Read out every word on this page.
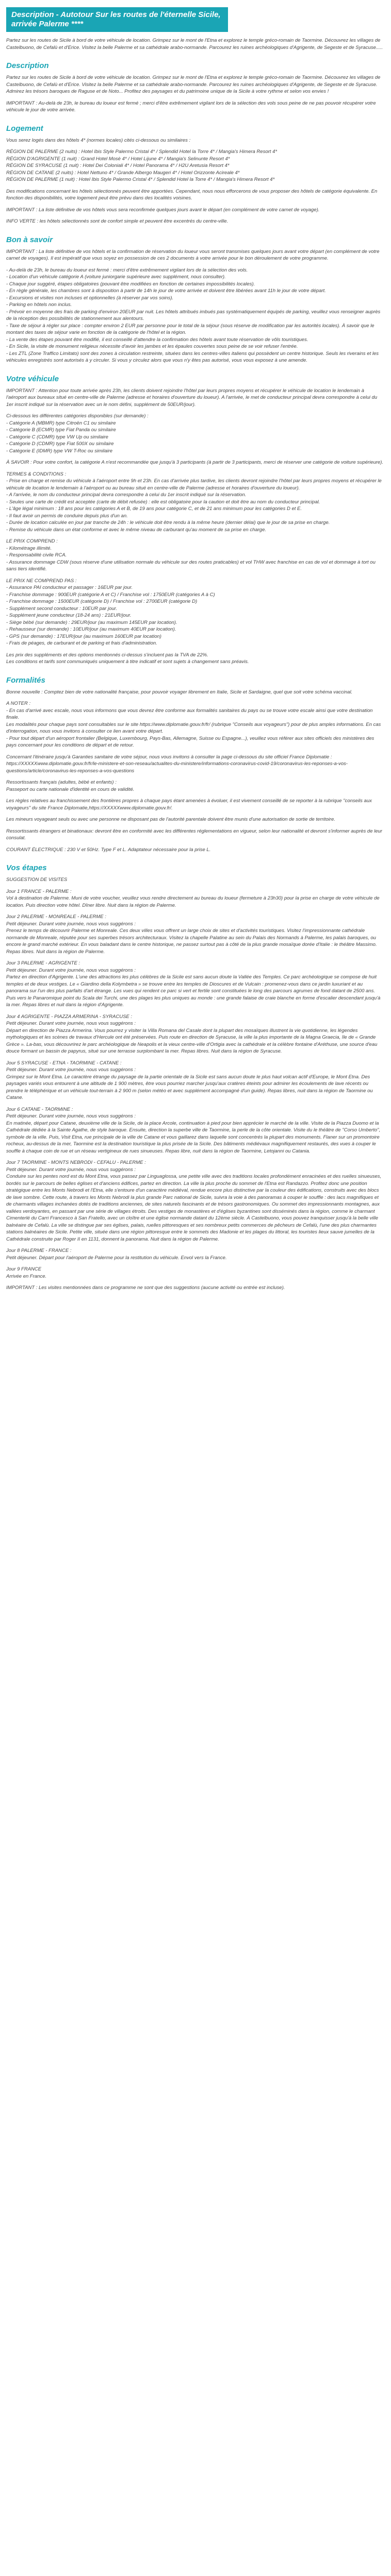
Description - Autotour Sur les routes de l'éternelle Sicile, arrivée Palerme ****

Partez sur les routes de Sicile à bord de votre véhicule de location. Grimpez sur le mont de l'Etna et explorez le temple gréco-romain de Taormine. Découvrez les villages de Castelbuono, de Cefalù et d'Erice. Visitez la belle Palerme et sa cathédrale arabo-normande. Parcourez les ruines archéologiques d'Agrigente, de Segeste et de Syracuse.....

Description

Partez sur les routes de Sicile à bord de votre véhicule de location. Grimpez sur le mont de l'Etna et explorez le temple gréco-romain de Taormine. Découvrez les villages de Castelbuono, de Cefalù et d'Erice. Visitez la belle Palerme et sa cathédrale arabo-normande. Parcourez les ruines archéologiques d'Agrigente, de Segeste et de Syracuse. Admirez les trésors baroques de Raguse et de Noto... Profitez des paysages et du patrimoine unique de la Sicile à votre rythme et selon vos envies !

IMPORTANT : Au-delà de 23h, le bureau du loueur est fermé ; merci d'être extrêmement vigilant lors de la sélection des vols sous peine de ne pas pouvoir récupérer votre véhicule le jour de votre arrivée.

Logement

Vous serez logés dans des hôtels 4* (normes locales) cités ci-dessous ou similaires :

RÉGION DE PALERME (2 nuits) : Hotel Ibis Style Palermo Cristal 4* / Splendid Hotel la Torre 4* / Mangia's Himera Resort 4*
RÉGION D'AGRIGENTE (1 nuit) : Grand Hotel Mosè 4* / Hotel Lijune 4* / Mangia's Selinunte Resort 4*
RÉGION DE SYRACUSE (1 nuit) : Hotel Dei Coloniali 4* / Hotel Panorama 4* / H2U Aretusia Resort 4*
RÉGION DE CATANE (2 nuits) : Hotel Nettuno 4* / Grande Albergo Maugeri 4* / Hotel Orizzonte Acireale 4*
RÉGION DE PALERME (1 nuit) : Hotel Ibis Style Palermo Cristal 4* / Splendid Hotel la Torre 4* / Mangia's Himera Resort 4*

Des modifications concernant les hôtels sélectionnés peuvent être apportées. Cependant, nous nous efforcerons de vous proposer des hôtels de catégorie équivalente. En fonction des disponibilités, votre logement peut être prévu dans des localités voisines.

IMPORTANT : La liste définitive de vos hôtels vous sera reconfirmée quelques jours avant le départ (en complément de votre carnet de voyage).

INFO VERTE : les hôtels sélectionnés sont de confort simple et peuvent être excentrés du centre-ville.

Bon à savoir

IMPORTANT : La liste définitive de vos hôtels et la confirmation de réservation du loueur vous seront transmises quelques jours avant votre départ (en complément de votre carnet de voyages). Il est impératif que vous soyez en possession de ces 2 documents à votre arrivée pour le bon déroulement de votre programme.

- Au-delà de 23h, le bureau du loueur est fermé : merci d'être extrêmement vigilant lors de la sélection des vols.
- Location d'un véhicule catégorie A (voiture juniorgarie supérieure avec supplément, nous consulter).
- Chaque jour suggéré, étapes obligatoires (pouvant être modifiées en fonction de certaines impossibilités locales).
- En règle générale, les chambres sont à disposition à partir de 14h le jour de votre arrivée et doivent être libérées avant 11h le jour de votre départ.
- Excursions et visites non incluses et optionnelles (à réserver par vos soins).
- Parking en hôtels non inclus.
- Prévoir en moyenne des frais de parking d'environ 20EUR par nuit. Les hôtels attribués imbués pas systématiquement équipés de parking, veuillez vous renseigner auprès de la réception des possibilités de stationnement aux alentours.
- Taxe de séjour à régler sur place : compter environ 2 EUR par personne pour le total de la séjour (sous réserve de modification par les autorités locales). À savoir que le montant des taxes de séjour varie en fonction de la catégorie de l'hôtel et la région.
- La vente des étapes pouvant être modifié, il est conseillé d'attendre la confirmation des hôtels avant toute réservation de vôls touristiques.
- En Sicile, la visite de monument religieux nécessite d'avoir les jambes et les épaules couvertes sous peine de se voir refuser l'entrée.
- Les ZTL (Zone Traffico Limitato) sont des zones à circulation restreinte, situées dans les centres-villes italiens qui possèdent un centre historique. Seuls les riverains et les véhicules enregistrés sont autorisés à y circuler. Si vous y circulez alors que vous n'y êtes pas autorisé, vous vous exposez à une amende.

Votre véhicule

IMPORTANT : Attention pour toute arrivée après 23h, les clients doivent rejoindre l'hôtel par leurs propres moyens et récupérer le véhicule de location le lendemain à l'aéroport aux bureaux situé en centre-ville de Palerme (adresse et horaires d'ouverture du loueur). A l'arrivée, le met de conducteur principal devra correspondre à celui du 1er inscrit indiqué sur la réservation avec un le nom défini, supplément de 50EUR/jour).

Ci-dessous les différentes catégories disponibles (sur demande) :
- Catégorie A (MBMR) type Citroën C1 ou similaire
- Catégorie B (ECMR) type Fiat Panda ou similaire
- Catégorie C (CDMR) type VW Up ou similaire
- Catégorie D (CDMR) type Fiat 500X ou similaire
- Catégorie E (IDMR) type VW T-Roc ou similaire

À SAVOIR : Pour votre confort, la catégorie A n'est recommandée que jusqu'à 3 participants (à partir de 3 participants, merci de réserver une catégorie de voiture supérieure).

TERMES & CONDITIONS :
- Prise en charge et remise du véhicule à l'aéroport entre 9h et 23h. En cas d'arrivée plus tardive, les clients devront rejoindre l'hôtel par leurs propres moyens et récupérer le véhicule de location le lendemain à l'aéroport ou au bureau situé en centre-ville de Palerme (adresse et horaires d'ouverture du loueur).
- A l'arrivée, le nom du conducteur principal devra correspondre à celui du 1er inscrit indiqué sur la réservation.
- Seules une carte de crédit est acceptée (carte de débit refusée) : elle est obligatoire pour la caution et doit être au nom du conducteur principal.
- L'âge légal minimum : 18 ans pour les catégories A et B, de 19 ans pour catégorie C, et de 21 ans minimum pour les catégories D et E.
- Il faut avoir un permis de conduire depuis plus d'un an.
- Durée de location calculée en jour par tranche de 24h : le véhicule doit être rendu à la même heure (dernier délai) que le jour de sa prise en charge.
- Remise du véhicule dans un état conforme et avec le même niveau de carburant qu'au moment de sa prise en charge.

LE PRIX COMPREND :
- Kilométrage illimité.
- Responsabilité civile RCA.
- Assurance dommage CDW (sous réserve d'une utilisation normale du véhicule sur des routes praticables) et vol THW avec franchise en cas de vol et dommage à tort ou sans tiers identifié.

LE PRIX NE COMPREND PAS :
- Assurance PAI conducteur et passager : 16EUR par jour.
- Franchise dommage : 900EUR (catégorie A et C) / Franchise vol : 1750EUR (catégories A à C)
- Franchise dommage : 1500EUR (catégorie D) / Franchise vol : 2700EUR (catégorie D)
- Supplément second conducteur : 10EUR par jour.
- Supplément jeune conducteur (18-24 ans) : 21EUR/jour.
- Siège bébé (sur demande) : 29EUR/jour (au maximum 145EUR par location).
- Rehausseur (sur demande) : 10EUR/jour (au maximum 40EUR par location).
- GPS (sur demande) : 17EUR/jour (au maximum 160EUR par location)
- Frais de péages, de carburant et de parking et frais d'administration.

Les prix des suppléments et des options mentionnés ci-dessus s'incluent pas la TVA de 22%.
Les conditions et tarifs sont communiqués uniquement à titre indicatif et sont sujets à changement sans préavis.

Formalités

Bonne nouvelle : Comptez bien de votre nationalité française, pour pouvoir voyager librement en Italie, Sicile et Sardaigne, quel que soit votre schéma vaccinal.

A NOTER :
- En cas d'arrivé avec escale, nous vous informons que vous devrez être conforme aux formalités sanitaires du pays ou se trouve votre escale ainsi que votre destination finale.
Les modalités pour chaque pays sont consultables sur le site https://www.diplomatie.gouv.fr/fr/ (rubrique "Conseils aux voyageurs") pour de plus amples informations. En cas d'interrogation, nous vous invitons à consulter ce lien avant votre départ.
- Pour tout départ d'un aéroport frontalier (Belgique, Luxembourg, Pays-Bas, Allemagne, Suisse ou Espagne...), veuillez vous référer aux sites officiels des ministères des pays concernant pour les conditions de départ et de retour.

Concernant l'itinéraire jusqu'à Garanties sanitaire de votre séjour, nous vous invitons à consulter la page ci-dessous du site officiel France Diplomatie :
https://XXXXXwww.diplomatie.gouv.fr/fr/le-ministere-et-son-reseau/actualites-du-ministere/informations-coronavirus-covid-19/coronavirus-les-reponses-a-vos-questions/article/coronavirus-les-reponses-a-vos-questions

Ressortissants français (adultes, bébé et enfants) :
Passeport ou carte nationale d'identité en cours de validité.

Les règles relatives au franchissement des frontières propres à chaque pays étant amenées à évoluer, il est vivement conseillé de se reporter à la rubrique "conseils aux voyageurs" du site France Diplomatie,https://XXXXXwww.diplomatie.gouv.fr/.

Les mineurs voyageant seuls ou avec une personne ne disposant pas de l'autorité parentale doivent être munis d'une autorisation de sortie de territoire.

Ressortissants étrangers et binationaux: devront être en conformité avec les différentes réglementations en vigueur, selon leur nationalité et devront s'informer auprès de leur consulat.

COURANT ÉLECTRIQUE : 230 V et 50Hz. Type F et L. Adaptateur nécessaire pour la prise L.

Vos étapes

SUGGESTION DE VISITES

Jour 1 FRANCE - PALERME :
Vol à destination de Palerme. Muni de votre voucher, veuillez vous rendre directement au bureau du loueur (fermeture à 23h30) pour la prise en charge de votre véhicule de location. Puis direction votre hôtel. Dîner libre. Nuit dans la région de Palerme.

Jour 2 PALERME - MONREALE - PALERME :
Petit déjeuner. Durant votre journée, nous vous suggérons :
Prenez le temps de découvrir Palerme et Monreale. Ces deux villes vous offrent un large choix de sites et d'activités touristiques. Visitez l'impressionnante cathédrale normande de Monreale, réputée pour ses superbes trésors architecturaux. Visitez la chapelle Palatine au sein du Palais des Normands à Palerme, les palais baroques, ou encore le grand marché extérieur. En vous baladant dans le centre historique, ne passez surtout pas à côté de la plus grande mosaïque dorée d'Italie : le théâtre Massimo. Repas libres. Nuit dans la région de Palerme.

Jour 3 PALERME - AGRIGENTE :
Petit déjeuner. Durant votre journée, nous vous suggérons :
Partez en direction d'Agrigente. L'une des attractions les plus célèbres de la Sicile est sans aucun doute la Vallée des Temples. Ce parc archéologique se compose de huit temples et de deux vestiges. Le « Giardino della Kolymbetra » se trouve entre les temples de Dioscures et de Vulcain : promenez-vous dans ce jardin luxuriant et au panorama sur l'un des plus parfaits d'art étrange. Les vues qui rendent ce parc si vert et fertile sont constituées le long des parcours agrumes de fond datant de 2500 ans. Puis vers le Panaromique point du Scala dei Turchi, une des plages les plus uniques au monde : une grande falaise de craie blanche en forme d'escalier descendant jusqu'à la mer. Repas libres et nuit dans la région d'Agrigente.

Jour 4 AGRIGENTE - PIAZZA ARMERINA - SYRACUSE :
Petit déjeuner. Durant votre journée, nous vous suggérons :
Départ en direction de Piazza Armerina. Vous pourrez y visiter la Villa Romana del Casale dont la plupart des mosaïques illustrent la vie quotidienne, les légendes mythologiques et les scènes de travaux d'Hercule ont été préservées. Puis route en direction de Syracuse, la ville la plus importante de la Magna Graecia, île de « Grande Grèce ». La-bas, vous découvrirez le parc archéologique de Neapolis et la vieux centre-ville d'Ortigia avec la cathédrale et la célèbre fontaine d'Aréthuse, une source d'eau douce formant un bassin de papyrus, situé sur une terrasse surplombant la mer. Repas libres. Nuit dans la région de Syracuse.

Jour 5 SYRACUSE - ETNA - TAORMINE - CATANE :
Petit déjeuner. Durant votre journée, nous vous suggérons :
Grimpez sur le Mont Etna. Le caractère étrange du paysage de la partie orientale de la Sicile est sans aucun doute le plus haut volcan actif d'Europe, le Mont Etna. Des paysages variés vous entourent à une altitude de 1 900 mètres, être vous pourriez marcher jusqu'aux cratères éteints pour admirer les écoulements de lave récents ou prendre le téléphérique et un véhicule tout-terrain à 2 900 m (selon météo et avec supplément accompagné d'un guide). Repas libres, nuit dans la région de Taormine ou Catane.

Jour 6 CATANE - TAORMINE :
Petit déjeuner. Durant votre journée, nous vous suggérons :
En matinée, départ pour Catane, deuxième ville de la Sicile, de la place Arcole, continuation à pied pour bien apprécier le marché de la ville. Visite de la Piazza Duomo et la Cathédrale dédiée à la Sainte Agathe, de style baroque. Ensuite, direction la superbe ville de Taormine, la perle de la côte orientale. Visite du le théâtre de "Corso Umberto", symbole de la ville. Puis, Visit Etna, rue principale de la ville de Catane et vous gaillarez dans laquelle sont concentrés la plupart des monuments. Flaner sur un promontoire rocheux, au-dessus de la mer, Taormine est la destination touristique la plus prisée de la Sicile. Des bâtiments médiévaux magnifiquement restaurés, des vues à couper le souffle à chaque coin de rue et un réseau vertigineux de rues sinueuses. Repas libre, nuit dans la région de Taormine, Letojanni ou Catania.

Jour 7 TAORMINE - MONTS NEBRODI - CEFALU - PALERME :
Petit déjeuner. Durant votre journée, nous vous suggérons :
Conduire sur les pentes nord est du Mont Etna, vous passez par Linguaglossa, une petite ville avec des traditions locales profondément enracinées et des ruelles sinueuses, bordés sur le parcours de belles églises et d'anciens édifices, partez en direction. La ville la plus proche du sommet de l'Etna est Randazzo. Profitez donc une position stratégique entre les Monts Nebrodi et l'Etna, elle s'entoure d'un caractère médiéval, rendue encore plus distinctive par la couleur des édifications, construits avec des blocs de lave sombre. Cette route, à travers les Monts Nebrodi la plus grande Parc national de Sicile, suivra la voie à des panoramas à couper le souffle : des lacs magnifiques et de charmants villages inchanées dotés de traditions anciennes, de sites naturels fascinants et de trésors gastronomiques. Ou sommet des impressionnants montagnes, aux vallées verdoyantes, en passant par une série de villages étroits. Des vestiges de monastères et d'églises byzantines sont disséminés dans la région, comme le charmant Cimenterlé du Carri Francesco à San Fratello, avec un cloître et une église normande datant du 12ème siècle. À Castelbuono, vous pouvez tranquisser jusqu'à la belle ville balnéaire de Cefalù. La ville se distingue par ses églises, palais, ruelles pittoresques et ses nombreux petits commerces de pêcheurs de Cefalù, l'une des plus charmantes stations balnéaires de Sicile. Petite ville, située dans une région pittoresque entre le sommets des Madonie et les plages du littoral, les touristes lieux sauve jumelles de la Cathédrale construite par Roger II en 1131, donnent la panorama. Nuit dans la région de Palerme.

Jour 8 PALERME - FRANCE :
Petit déjeuner. Départ pour l'aéroport de Palerme pour la restitution du véhicule. Envol vers la France.

Jour 9 FRANCE
Arrivée en France.

IMPORTANT : Les visites mentionnées dans ce programme ne sont que des suggestions (aucune activité ou entrée est incluse).
